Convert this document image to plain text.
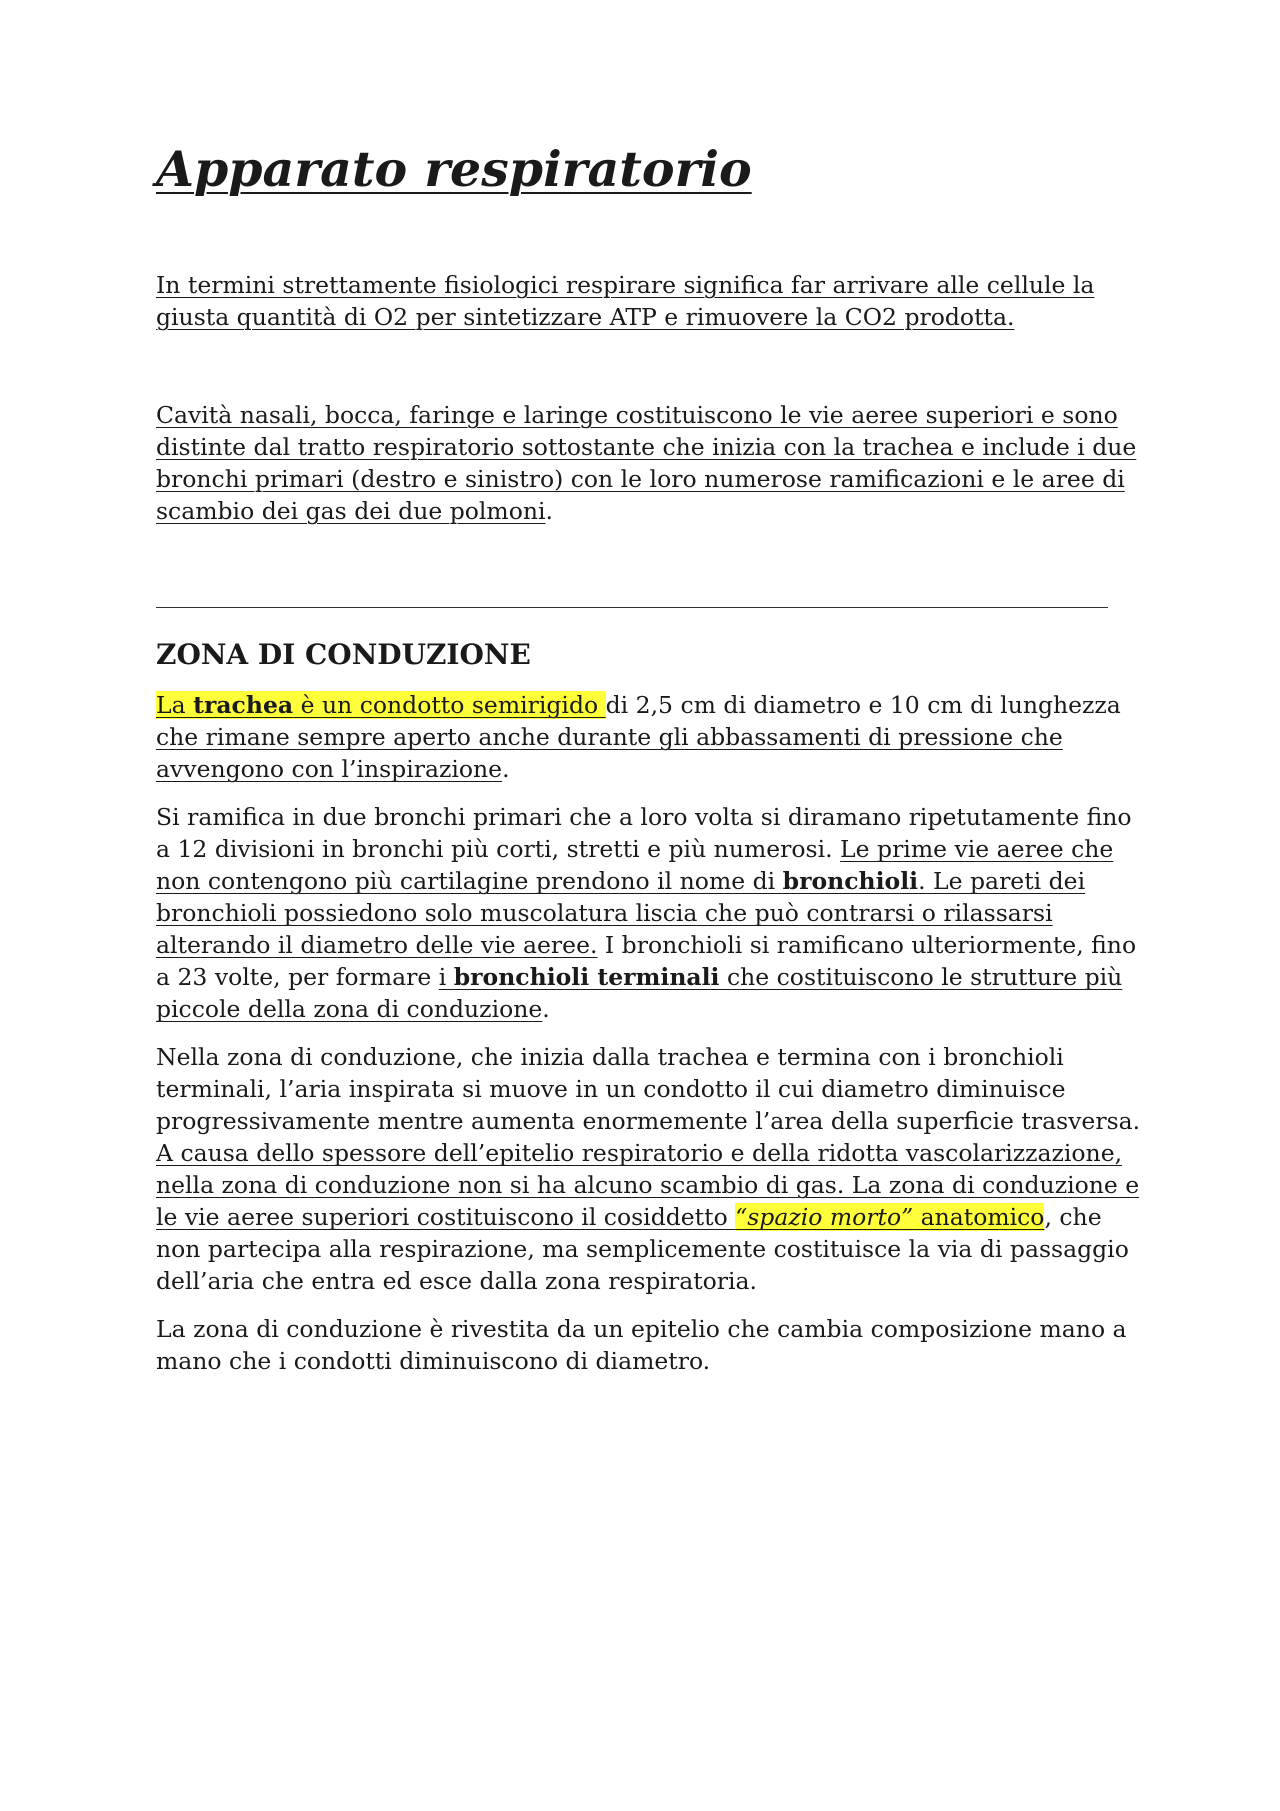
Apparato respiratorio

In termini strettamente fisiologici respirare significa far arrivare alle cellule la giusta quantità di O2 per sintetizzare ATP e rimuovere la CO2 prodotta.

Cavità nasali, bocca, faringe e laringe costituiscono le vie aeree superiori e sono distinte dal tratto respiratorio sottostante che inizia con la trachea e include i due bronchi primari (destro e sinistro) con le loro numerose ramificazioni e le aree di scambio dei gas dei due polmoni.

ZONA DI CONDUZIONE

La trachea è un condotto semirigido di 2,5 cm di diametro e 10 cm di lunghezza che rimane sempre aperto anche durante gli abbassamenti di pressione che avvengono con l’inspirazione.

Si ramifica in due bronchi primari che a loro volta si diramano ripetutamente fino a 12 divisioni in bronchi più corti, stretti e più numerosi. Le prime vie aeree che non contengono più cartilagine prendono il nome di bronchioli. Le pareti dei bronchioli possiedono solo muscolatura liscia che può contrarsi o rilassarsi alterando il diametro delle vie aeree. I bronchioli si ramificano ulteriormente, fino a 23 volte, per formare i bronchioli terminali che costituiscono le strutture più piccole della zona di conduzione.

Nella zona di conduzione, che inizia dalla trachea e termina con i bronchioli terminali, l’aria inspirata si muove in un condotto il cui diametro diminuisce progressivamente mentre aumenta enormemente l’area della superficie trasversa. A causa dello spessore dell’epitelio respiratorio e della ridotta vascolarizzazione, nella zona di conduzione non si ha alcuno scambio di gas. La zona di conduzione e le vie aeree superiori costituiscono il cosiddetto “spazio morto” anatomico, che non partecipa alla respirazione, ma semplicemente costituisce la via di passaggio dell’aria che entra ed esce dalla zona respiratoria.

La zona di conduzione è rivestita da un epitelio che cambia composizione mano a mano che i condotti diminuiscono di diametro.
